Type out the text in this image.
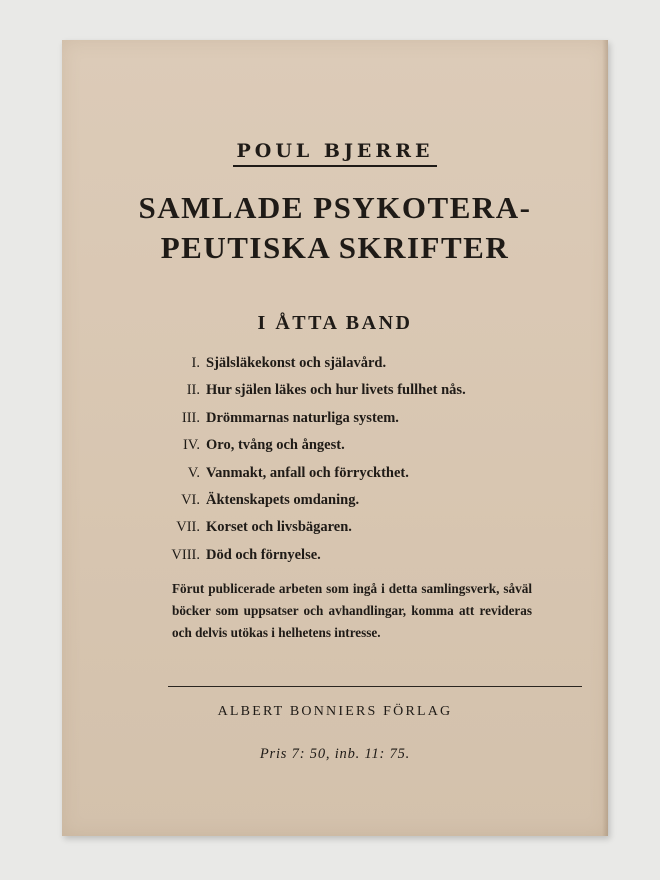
POUL BJERRE
SAMLADE PSYKOTERA-
PEUTISKA SKRIFTER
I ÅTTA BAND
I. Själsläkekonst och själavård.
II. Hur själen läkes och hur livets fullhet nås.
III. Drömmarnas naturliga system.
IV. Oro, tvång och ångest.
V. Vanmakt, anfall och förryckthet.
VI. Äktenskapets omdaning.
VII. Korset och livsbägaren.
VIII. Död och förnyelse.
Förut publicerade arbeten som ingå i detta samlingsverk, såväl böcker som uppsatser och avhandlingar, komma att revideras och delvis utökas i helhetens intresse.
ALBERT BONNIERS FÖRLAG
Pris 7: 50, inb. 11: 75.
